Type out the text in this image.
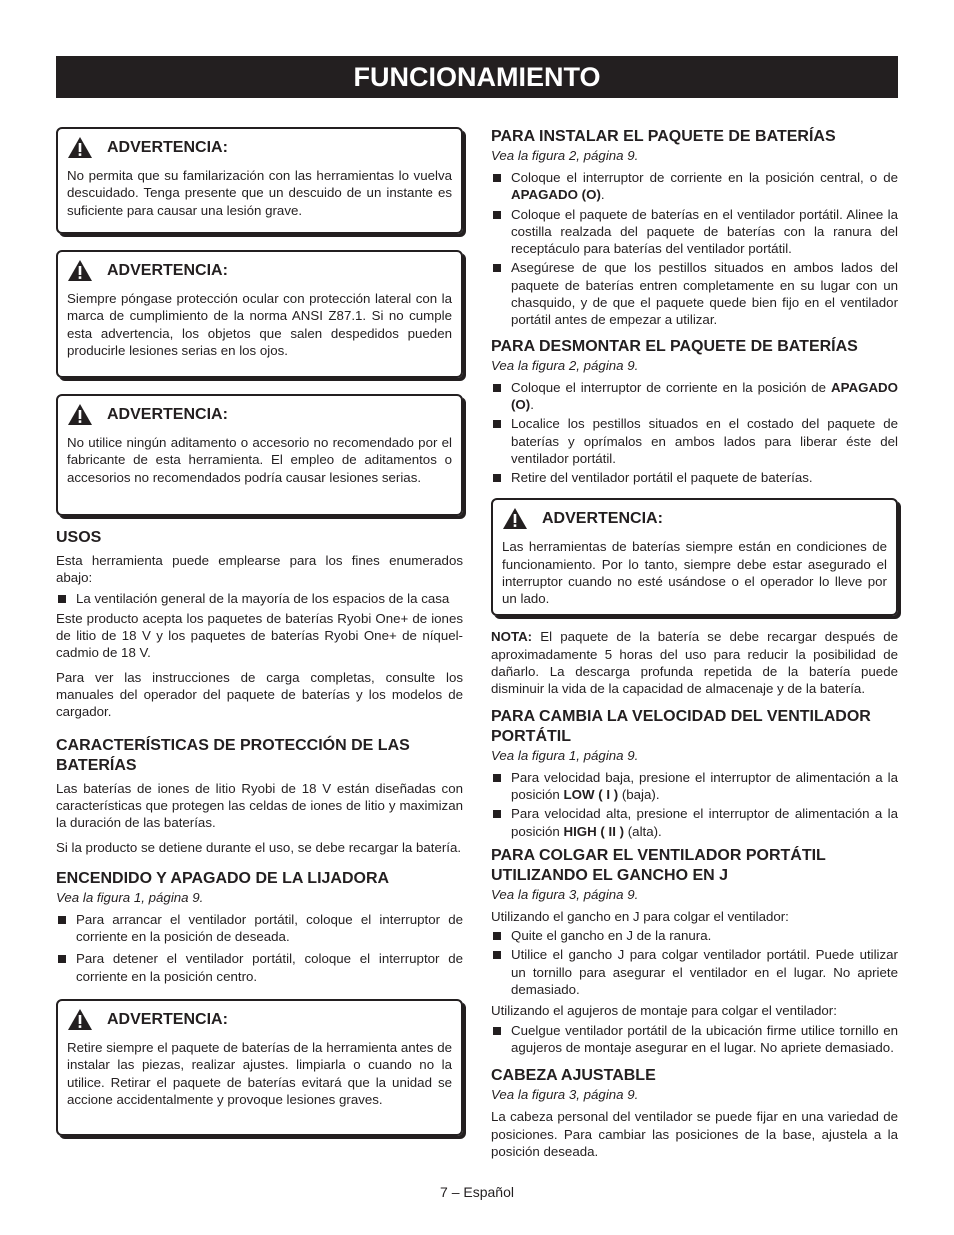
FUNCIONAMIENTO
ADVERTENCIA:

No permita que su familarización con las herramientas lo vuelva descuidado. Tenga presente que un descuido de un instante es suficiente para causar una lesión grave.

ADVERTENCIA:

Siempre póngase protección ocular con protección lateral con la marca de cumplimiento de la norma ANSI Z87.1. Si no cumple esta advertencia, los objetos que salen despedidos pueden producirle lesiones serias en los ojos.

ADVERTENCIA:

No utilice ningún aditamento o accesorio no recomendado por el fabricante de esta herramienta. El empleo de aditamentos o accesorios no recomendados podría causar lesiones serias.

USOS

Esta herramienta puede emplearse para los fines enumerados abajo:

La ventilación general de la mayoría de los espacios de la casa

Este producto acepta los paquetes de baterías Ryobi One+ de iones de litio de 18 V y los paquetes de baterías Ryobi One+ de níquel-cadmio de 18 V.

Para ver las instrucciones de carga completas, consulte los manuales del operador del paquete de baterías y los modelos de cargador.

CARACTERÍSTICAS DE PROTECCIÓN DE LAS BATERÍAS

Las baterías de iones de litio Ryobi de 18 V están diseñadas con características que protegen las celdas de iones de litio y maximizan la duración de las baterías.

Si la producto se detiene durante el uso, se debe recargar la batería.

ENCENDIDO Y APAGADO DE LA LIJADORA

Vea la figura 1, página 9.

Para arrancar el ventilador portátil, coloque el interruptor de corriente en la posición de deseada.
Para detener el ventilador portátil, coloque el interruptor de corriente en la posición centro.
ADVERTENCIA:

Retire siempre el paquete de baterías de la herramienta antes de instalar las piezas, realizar ajustes. limpiarla o cuando no la utilice. Retirar el paquete de baterías evitará que la unidad se accione accidentalmente y provoque lesiones graves.

PARA INSTALAR EL PAQUETE DE BATERÍAS

Vea la figura 2, página 9.

Coloque el interruptor de corriente en la posición central, o de APAGADO (O).
Coloque el paquete de baterías en el ventilador portátil. Alinee la costilla realzada del paquete de baterías con la ranura del receptáculo para baterías del ventilador portátil.
Asegúrese de que los pestillos situados en ambos lados del paquete de baterías entren completamente en su lugar con un chasquido, y de que el paquete quede bien fijo en el ventilador portátil antes de empezar a utilizar.

PARA DESMONTAR EL PAQUETE DE BATERÍAS

Vea la figura 2, página 9.

Coloque el interruptor de corriente en la posición de APAGADO (O).
Localice los pestillos situados en el costado del paquete de baterías y oprímalos en ambos lados para liberar éste del ventilador portátil.
Retire del ventilador portátil el paquete de baterías.
ADVERTENCIA:

Las herramientas de baterías siempre están en condiciones de funcionamiento. Por lo tanto, siempre debe estar asegurado el interruptor cuando no esté usándose o el operador lo lleve por un lado.

NOTA: El paquete de la batería se debe recargar después de aproximadamente 5 horas del uso para reducir la posibilidad de dañarlo. La descarga profunda repetida de la batería puede disminuir la vida de la capacidad de almacenaje y de la batería.

PARA CAMBIA LA VELOCIDAD DEL VENTILADOR PORTÁTIL

Vea la figura 1, página 9.

Para velocidad baja, presione el interruptor de alimentación a la posición LOW ( I ) (baja).
Para velocidad alta, presione el interruptor de alimentación a la posición HIGH ( II ) (alta).

PARA COLGAR EL VENTILADOR PORTÁTIL UTILIZANDO EL GANCHO EN J

Vea la figura 3, página 9.

Utilizando el gancho en J para colgar el ventilador:

Quite el gancho en J de la ranura.
Utilice el gancho J para colgar ventilador portátil. Puede utilizar un tornillo para asegurar el ventilador en el lugar. No apriete demasiado.

Utilizando el agujeros de montaje para colgar el ventilador:

Cuelgue ventilador portátil de la ubicación firme utilice tornillo en agujeros de montaje asegurar en el lugar. No apriete demasiado.

CABEZA AJUSTABLE

Vea la figura 3, página 9.

La cabeza personal del ventilador se puede fijar en una variedad de posiciones. Para cambiar las posiciones de la base, ajustela a la posición deseada.

7 – Español
